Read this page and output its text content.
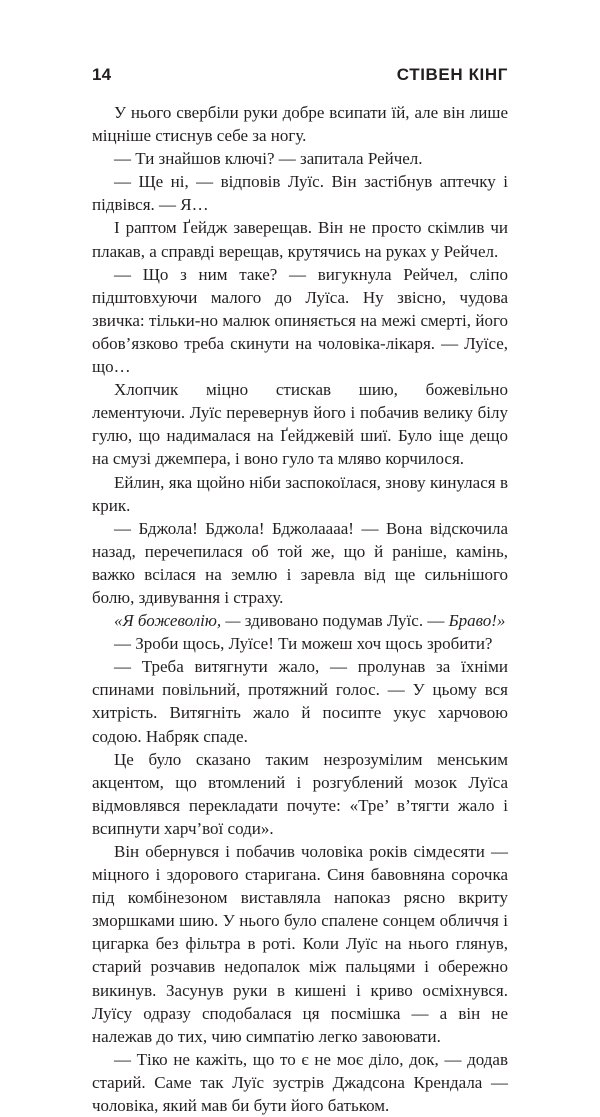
14	СТІВЕН КІНГ

У нього свербіли руки добре всипати їй, але він лише міцніше стиснув себе за ногу.

— Ти знайшов ключі? — запитала Рейчел.

— Ще ні, — відповів Луїс. Він застібнув аптечку і підвівся. — Я…

І раптом Ґейдж заверещав. Він не просто скімлив чи плакав, а справді верещав, крутячись на руках у Рейчел.

— Що з ним таке? — вигукнула Рейчел, сліпо підштовхуючи малого до Луїса. Ну звісно, чудова звичка: тільки-но малюк опиняється на межі смерті, його обов’язково треба скинути на чоловіка-лікаря. — Луїсе, що…

Хлопчик міцно стискав шию, божевільно лементуючи. Луїс перевернув його і побачив велику білу гулю, що надималася на Ґейджевій шиї. Було іще дещо на смузі джемпера, і воно гуло та мляво корчилося.

Ейлин, яка щойно ніби заспокоїлася, знову кинулася в крик.

— Бджола! Бджола! Бджолаааа! — Вона відскочила назад, перечепилася об той же, що й раніше, камінь, важко всілася на землю і заревла від ще сильнішого болю, здивування і страху.

«Я божеволію, — здивовано подумав Луїс. — Браво!»

— Зроби щось, Луїсе! Ти можеш хоч щось зробити?

— Треба витягнути жало, — пролунав за їхніми спинами повільний, протяжний голос. — У цьому вся хитрість. Витягніть жало й посипте укус харчовою содою. Набряк спаде.

Це було сказано таким незрозумілим менським акцентом, що втомлений і розгублений мозок Луїса відмовлявся перекладати почуте: «Тре’ в’тягти жало і всипнути харч’вої соди».

Він обернувся і побачив чоловіка років сімдесяти — міцного і здорового старигана. Синя бавовняна сорочка під комбінезоном виставляла напоказ рясно вкриту зморшками шию. У нього було спалене сонцем обличчя і цигарка без фільтра в роті. Коли Луїс на нього глянув, старий розчавив недопалок між пальцями і обережно викинув. Засунув руки в кишені і криво осміхнувся. Луїсу одразу сподобалася ця посмішка — а він не належав до тих, чию симпатію легко завоювати.

— Тіко не кажіть, що то є не моє діло, док, — додав старий. Саме так Луїс зустрів Джадсона Крендала — чоловіка, який мав би бути його батьком.
